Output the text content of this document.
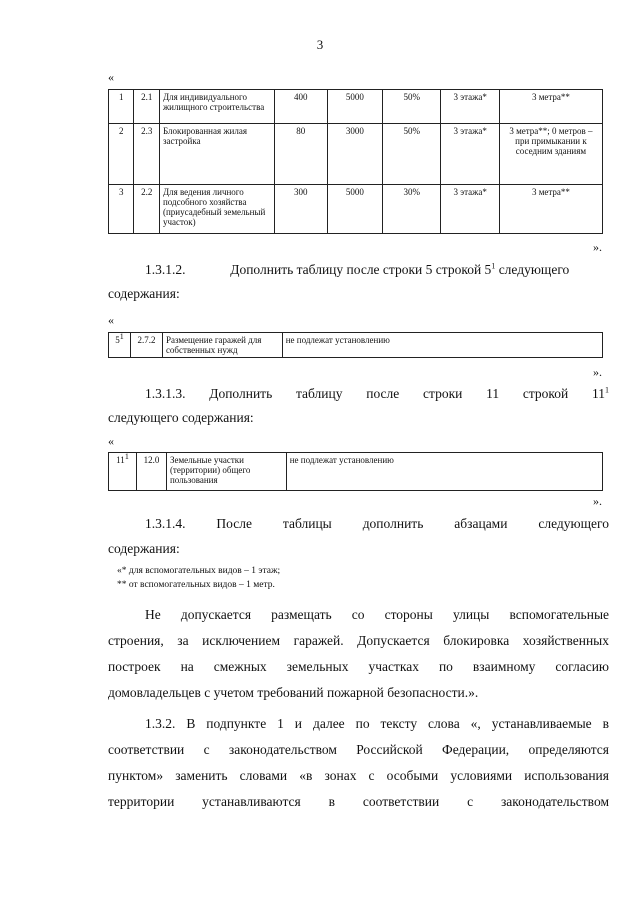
3
«
1	2.1	Для индивидуального жилищного строительства	400	5000	50%	3 этажа*	3 метра**
2	2.3	Блокированная жилая застройка	80	3000	50%	3 этажа*	3 метра**; 0 метров – при примыкании к соседним зданиям
3	2.2	Для ведения личного подсобного хозяйства (приусадебный земельный участок)	300	5000	30%	3 этажа*	3 метра**
».
1.3.1.2.	Дополнить таблицу после строки 5 строкой $5^1$ следующего
содержания:
«
$5^1$	2.7.2	Размещение гаражей для собственных нужд	не подлежат установлению
».
1.3.1.3. Дополнить таблицу после строки 11 строкой $11^1$
следующего содержания:
«
$11^1$	12.0	Земельные участки (территории) общего пользования	не подлежат установлению
».
1.3.1.4. После таблицы дополнить абзацами следующего
содержания:
«* для вспомогательных видов – 1 этаж;
** от вспомогательных видов – 1 метр.
Не допускается размещать со стороны улицы вспомогательные
строения, за исключением гаражей. Допускается блокировка хозяйственных
построек на смежных земельных участках по взаимному согласию
домовладельцев с учетом требований пожарной безопасности.».
1.3.2. В подпункте 1 и далее по тексту слова «, устанавливаемые в
соответствии с законодательством Российской Федерации, определяются
пунктом» заменить словами «в зонах с особыми условиями использования
территории устанавливаются в соответствии с законодательством
